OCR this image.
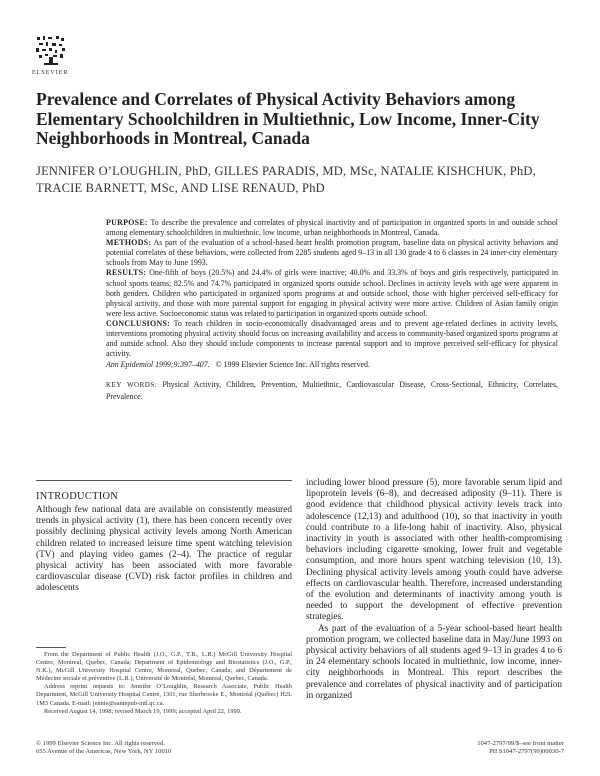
ELSEVIER
Prevalence and Correlates of Physical Activity Behaviors among Elementary Schoolchildren in Multiethnic, Low Income, Inner-City Neighborhoods in Montreal, Canada
JENNIFER O’LOUGHLIN, PhD, GILLES PARADIS, MD, MSc, NATALIE KISHCHUK, PhD,
TRACIE BARNETT, MSc, AND LISE RENAUD, PhD

PURPOSE: To describe the prevalence and correlates of physical inactivity and of participation in organized sports in and outside school among elementary schoolchildren in multiethnic, low income, urban neighborhoods in Montreal, Canada.

METHODS: As part of the evaluation of a school-based heart health promotion program, baseline data on physical activity behaviors and potential correlates of these behaviors, were collected from 2285 students aged 9–13 in all 130 grade 4 to 6 classes in 24 inner-city elementary schools from May to June 1993.

RESULTS: One-fifth of boys (20.5%) and 24.4% of girls were inactive; 40.0% and 33.3% of boys and girls respectively, participated in school sports teams; 82.5% and 74.7% participated in organized sports outside school. Declines in activity levels with age were apparent in both genders. Children who participated in organized sports programs at and outside school, those with higher perceived self-efficacy for physical activity, and those with more parental support for engaging in physical activity were more active. Children of Asian family origin were less active. Socioeconomic status was related to participation in organized sports outside school.

CONCLUSIONS: To reach children in socio-economically disadvantaged areas and to prevent age-related declines in activity levels, interventions promoting physical activity should focus on increasing availability and access to community-based organized sports programs at and outside school. Also they should include components to increase parental support and to improve perceived self-efficacy for physical activity.

Ann Epidemiol 1999;9:397–407. © 1999 Elsevier Science Inc. All rights reserved.

KEY WORDS: Physical Activity, Children, Prevention, Multiethnic, Cardiovascular Disease, Cross-Sectional, Ethnicity, Correlates, Prevalence.

INTRODUCTION

Although few national data are available on consistently measured trends in physical activity (1), there has been concern recently over possibly declining physical activity levels among North American children related to increased leisure time spent watching television (TV) and playing video games (2–4). The practice of regular physical activity has been associated with more favorable cardiovascular disease (CVD) risk factor profiles in children and adolescents

including lower blood pressure (5), more favorable serum lipid and lipoprotein levels (6–8), and decreased adiposity (9–11). There is good evidence that childhood physical activity levels track into adolescence (12,13) and adulthood (10), so that inactivity in youth could contribute to a life-long habit of inactivity. Also, physical inactivity in youth is associated with other health-compromising behaviors including cigarette smoking, lower fruit and vegetable consumption, and more hours spent watching television (10, 13). Declining physical activity levels among youth could have adverse effects on cardiovascular health. Therefore, increased understanding of the evolution and determinants of inactivity among youth is needed to support the development of effective prevention strategies.

As part of the evaluation of a 5-year school-based heart health promotion program, we collected baseline data in May/June 1993 on physical activity behaviors of all students aged 9–13 in grades 4 to 6 in 24 elementary schools located in multiethnic, low income, inner-city neighborhoods in Montreal. This report describes the prevalence and correlates of physical inactivity and of participation in organized

From the Department of Public Health (J.O., G.P., T.B., L.R.) McGill University Hospital Centre, Montreal, Quebec, Canada; Department of Epidemiology and Biostatistics (J.O., G.P., N.K.), McGill University Hospital Centre, Montreal, Quebec, Canada; and Département de Médecine sociale et préventive (L.R.), Université de Montréal, Montreal, Quebec, Canada.

Address reprint requests to: Jennifer O’Loughlin, Research Associate, Public Health Department, McGill University Hospital Centre, 1301, rue Sherbrooke E., Montréal (Québec) H2L 1M3 Canada. E-mail: jennie@santepub-mtl.qc.ca.

Received August 14, 1998; revised March 19, 1999; accepted April 22, 1999.

© 1999 Elsevier Science Inc. All rights reserved.
655 Avenue of the Americas, New York, NY 10010
1047-2797/99/$–see front matter
PII S1047-2797(99)00030-7
